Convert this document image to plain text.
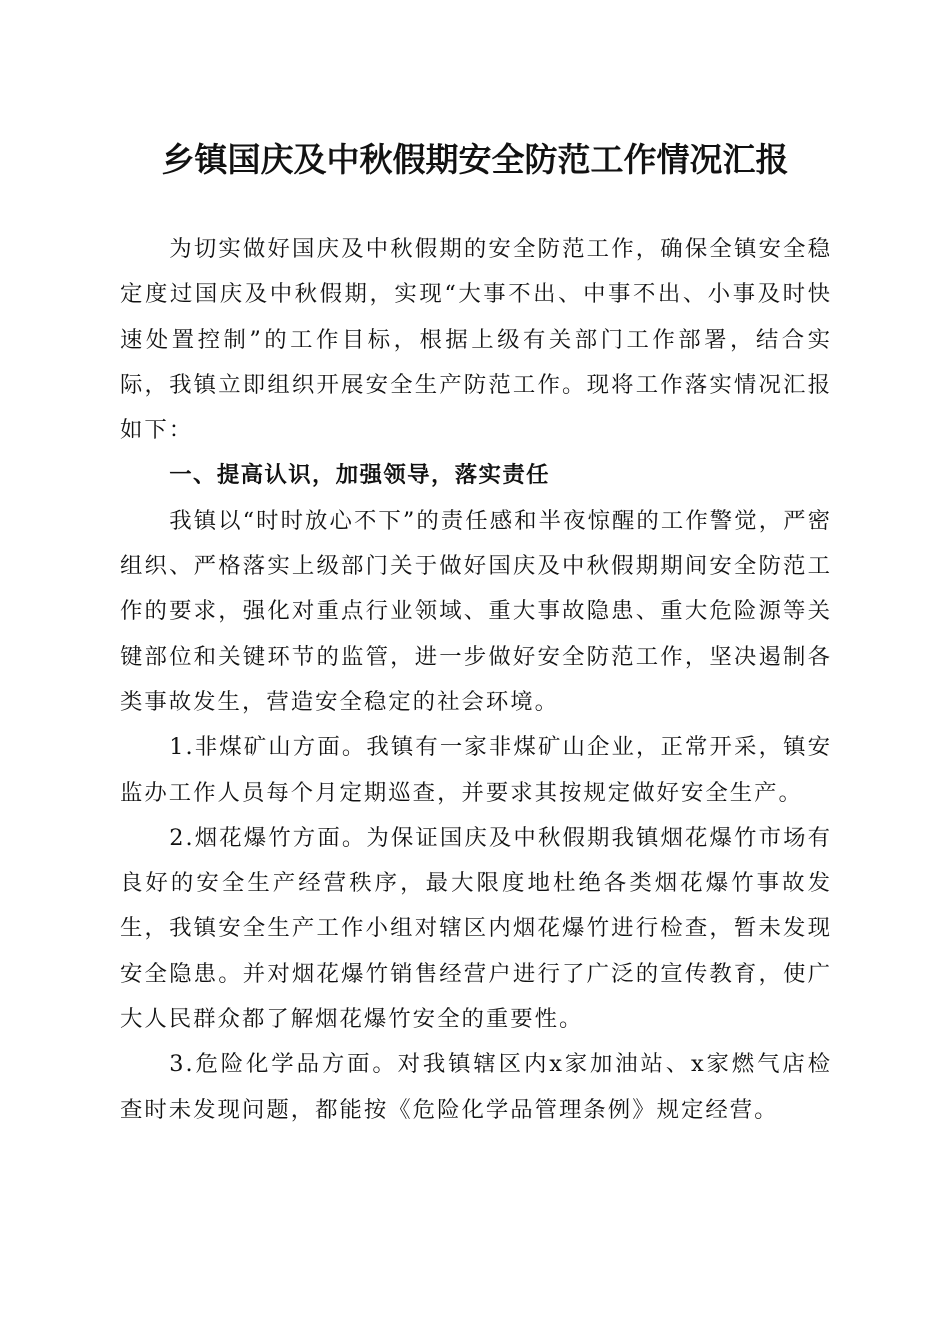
乡镇国庆及中秋假期安全防范工作情况汇报

为切实做好国庆及中秋假期的安全防范工作，确保全镇安全稳定度过国庆及中秋假期，实现“大事不出、中事不出、小事及时快速处置控制”的工作目标，根据上级有关部门工作部署，结合实际，我镇立即组织开展安全生产防范工作。现将工作落实情况汇报如下：

一、提高认识，加强领导，落实责任

我镇以“时时放心不下”的责任感和半夜惊醒的工作警觉，严密组织、严格落实上级部门关于做好国庆及中秋假期期间安全防范工作的要求，强化对重点行业领域、重大事故隐患、重大危险源等关键部位和关键环节的监管，进一步做好安全防范工作，坚决遏制各类事故发生，营造安全稳定的社会环境。

1.非煤矿山方面。我镇有一家非煤矿山企业，正常开采，镇安监办工作人员每个月定期巡查，并要求其按规定做好安全生产。

2.烟花爆竹方面。为保证国庆及中秋假期我镇烟花爆竹市场有良好的安全生产经营秩序，最大限度地杜绝各类烟花爆竹事故发生，我镇安全生产工作小组对辖区内烟花爆竹进行检查，暂未发现安全隐患。并对烟花爆竹销售经营户进行了广泛的宣传教育，使广大人民群众都了解烟花爆竹安全的重要性。

3.危险化学品方面。对我镇辖区内x家加油站、x家燃气店检查时未发现问题，都能按《危险化学品管理条例》规定经营。
